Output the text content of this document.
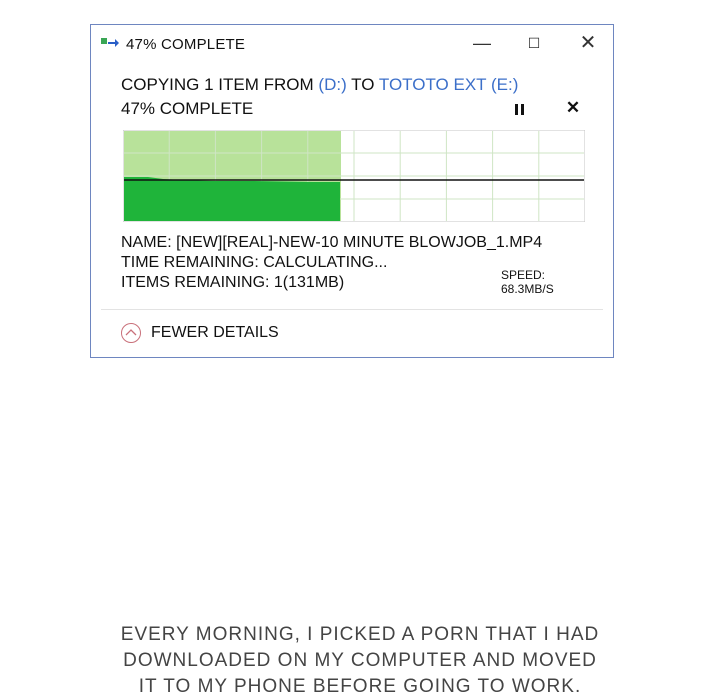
47% COMPLETE	—	☐	✕
COPYING 1 ITEM FROM (D:) TO TOTOTO EXT (E:)
47% COMPLETE	✕
SPEED: 68.3MB/S
NAME: [NEW][REAL]-NEW-10 MINUTE BLOWJOB_1.MP4
TIME REMAINING: CALCULATING...
ITEMS REMAINING: 1(131MB)
FEWER DETAILS
EVERY MORNING, I PICKED A PORN THAT I HAD
DOWNLOADED ON MY COMPUTER AND MOVED
IT TO MY PHONE BEFORE GOING TO WORK.
